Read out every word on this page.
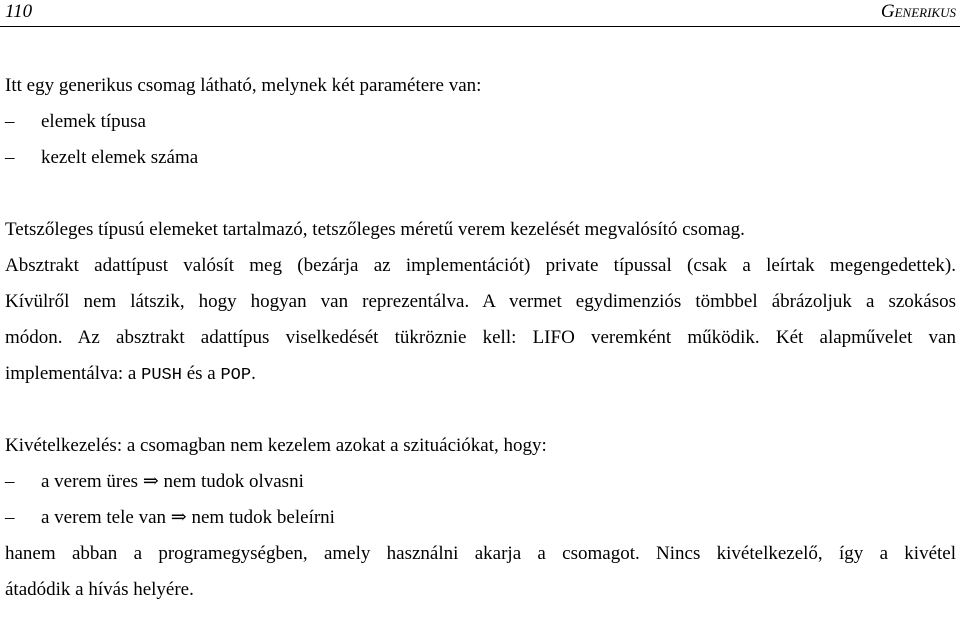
110	Generikus
Itt egy generikus csomag látható, melynek két paramétere van:
– elemek típusa
– kezelt elemek száma
Tetszőleges típusú elemeket tartalmazó, tetszőleges méretű verem kezelését megvalósító csomag.
Absztrakt adattípust valósít meg (bezárja az implementációt) private típussal (csak a leírtak megengedettek).
Kívülről nem látszik, hogy hogyan van reprezentálva. A vermet egydimenziós tömbbel ábrázoljuk a szokásos
módon. Az absztrakt adattípus viselkedését tükröznie kell: LIFO veremként működik. Két alapművelet van
implementálva: a PUSH és a POP.
Kivételkezelés: a csomagban nem kezelem azokat a szituációkat, hogy:
– a verem üres ⇒ nem tudok olvasni
– a verem tele van ⇒ nem tudok beleírni
hanem abban a programegységben, amely használni akarja a csomagot. Nincs kivételkezelő, így a kivétel
átadódik a hívás helyére.
